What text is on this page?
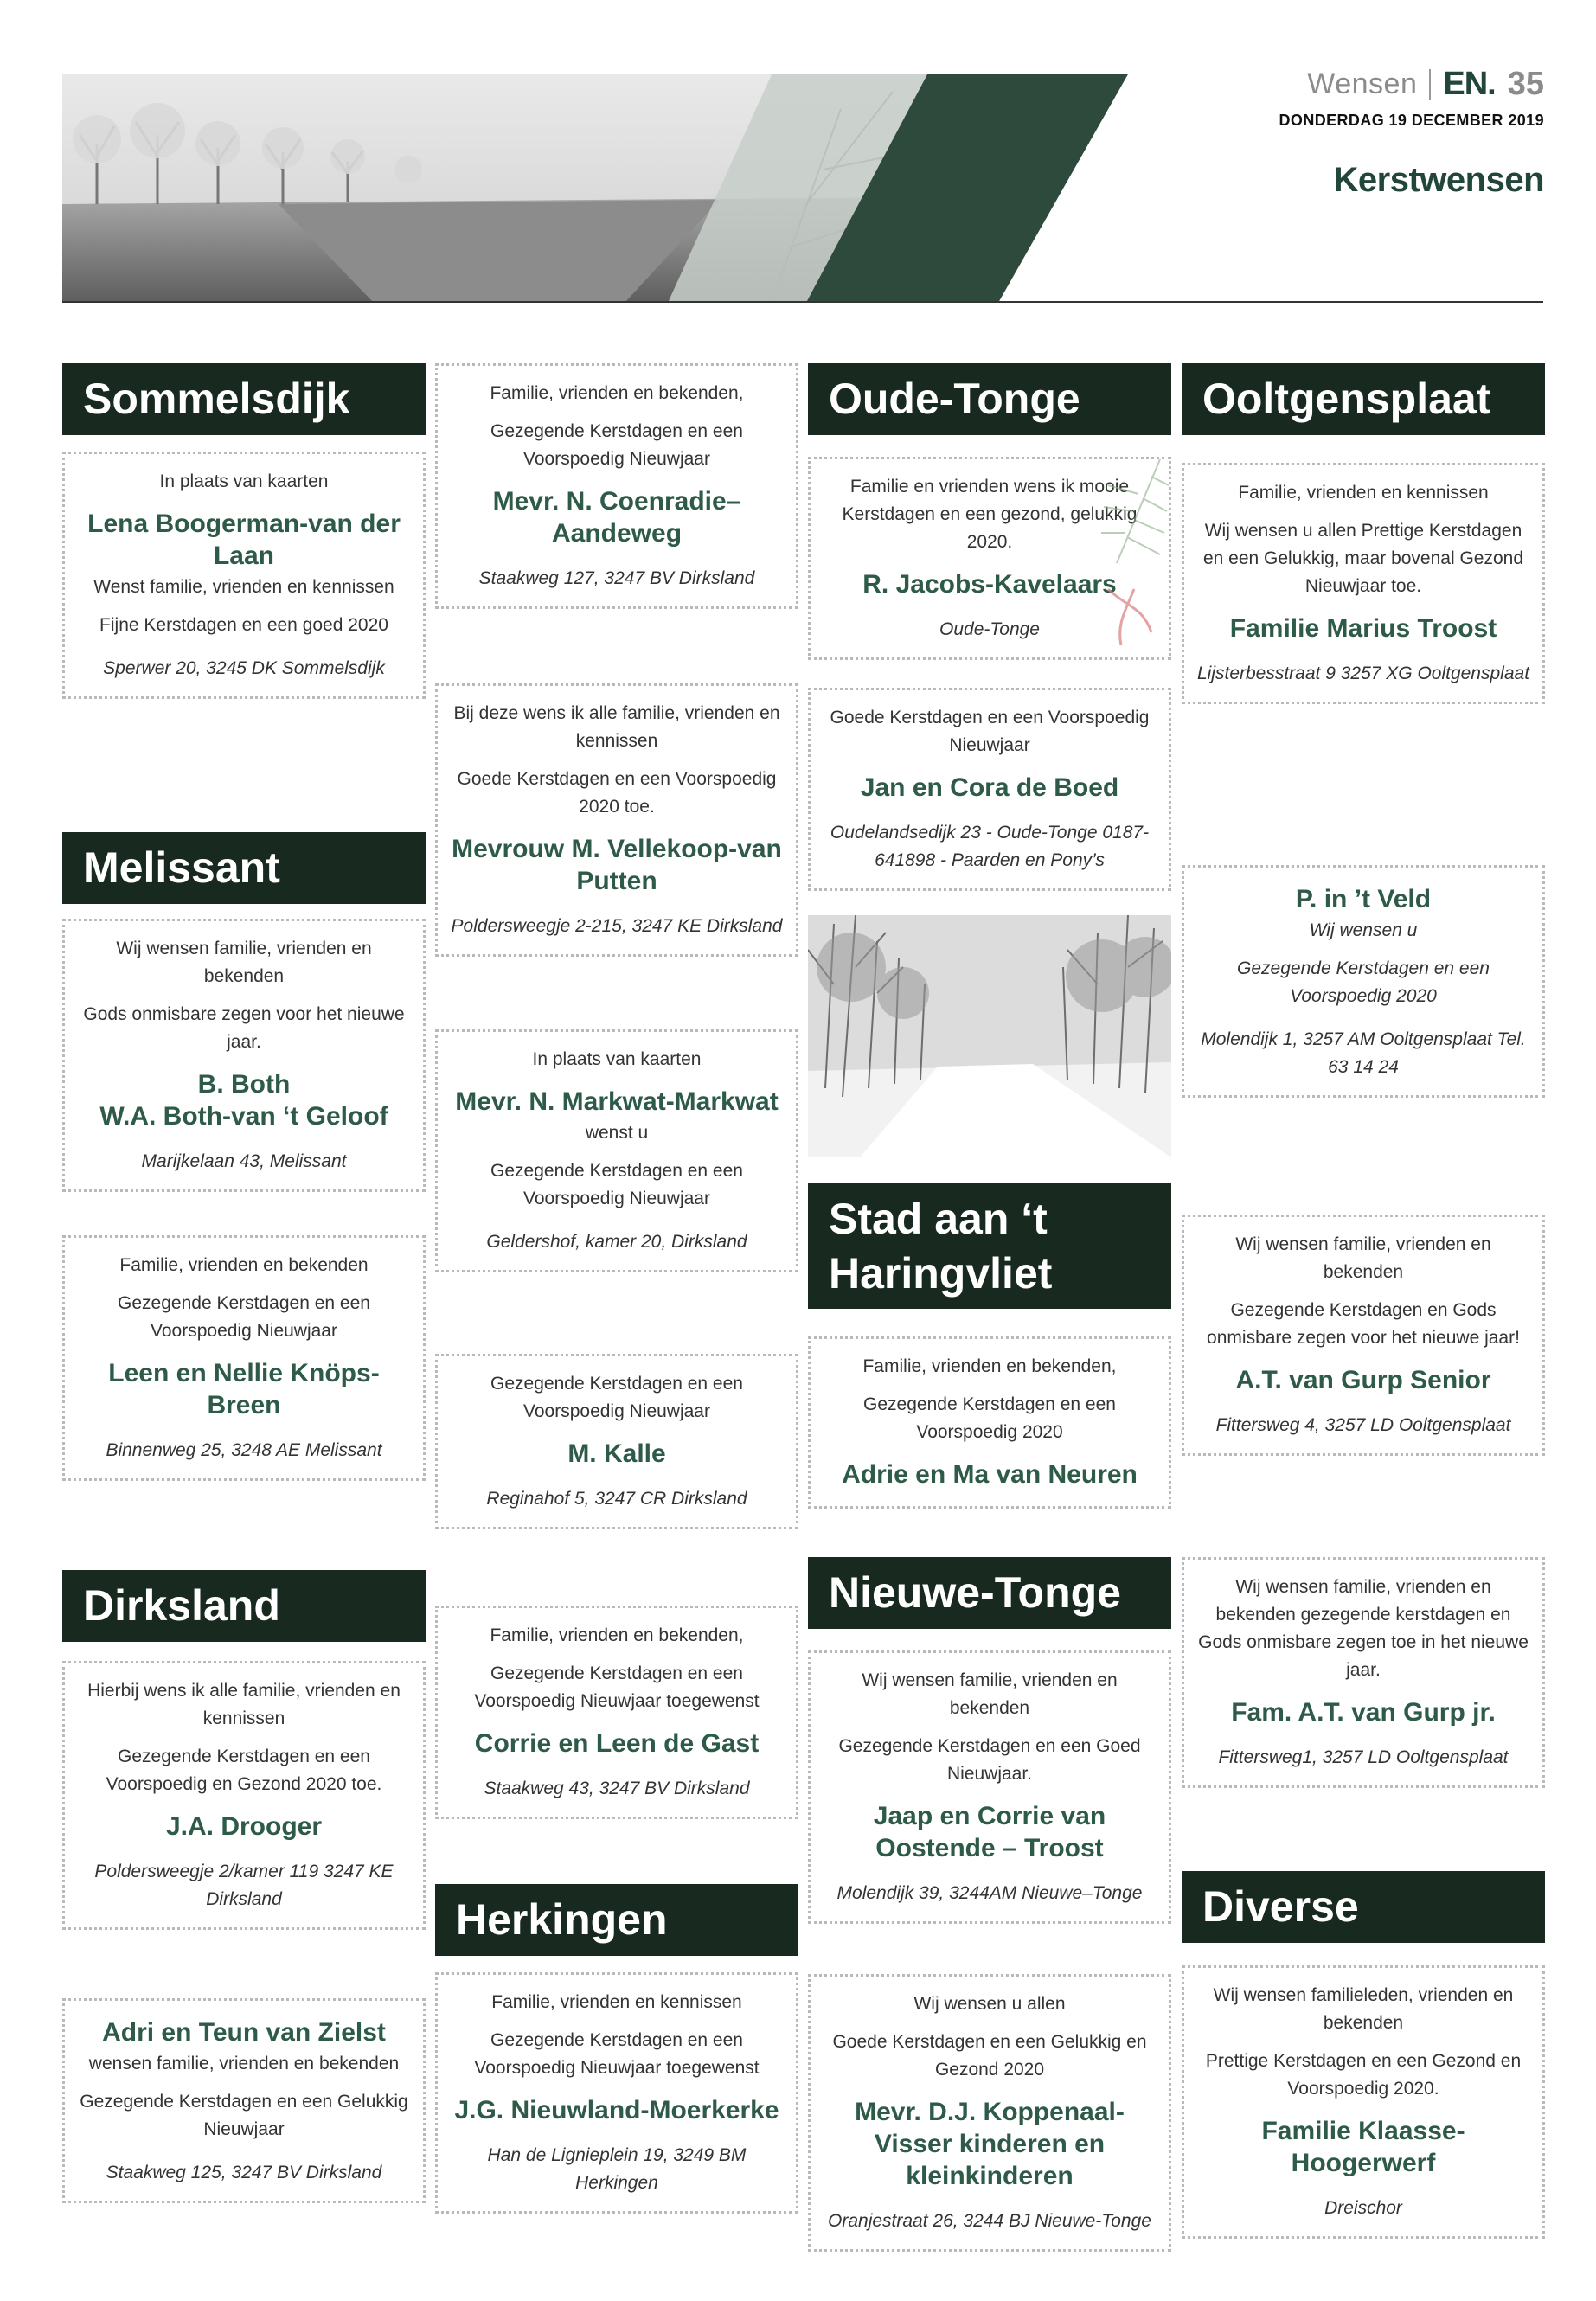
Wensen EN. 35
DONDERDAG 19 DECEMBER 2019
Kerstwensen
Sommelsdijk

In plaats van kaarten

Lena Boogerman-van der Laan

Wenst familie, vrienden en kennissen

Fijne Kerstdagen en een goed 2020

Sperwer 20, 3245 DK Sommelsdijk
Melissant

Wij wensen familie, vrienden en bekenden

Gods onmisbare zegen voor het nieuwe jaar.

B. Both
W.A. Both-van ‘t Geloof
Marijkelaan 43, Melissant

Familie, vrienden en bekenden

Gezegende Kerstdagen en een Voorspoedig Nieuwjaar

Leen en Nellie Knöps-Breen
Binnenweg 25, 3248 AE Melissant
Dirksland

Hierbij wens ik alle familie, vrienden en kennissen

Gezegende Kerstdagen en een Voorspoedig en Gezond 2020 toe.

J.A. Drooger
Poldersweegje 2/kamer 119 3247 KE Dirksland
Adri en Teun van Zielst

wensen familie, vrienden en bekenden

Gezegende Kerstdagen en een Gelukkig Nieuwjaar

Staakweg 125, 3247 BV Dirksland

Familie, vrienden en bekenden,

Gezegende Kerstdagen en een Voorspoedig Nieuwjaar

Mevr. N. Coenradie–Aandeweg
Staakweg 127, 3247 BV Dirksland

Bij deze wens ik alle familie, vrienden en kennissen

Goede Kerstdagen en een Voorspoedig 2020 toe.

Mevrouw M. Vellekoop-van Putten
Poldersweegje 2-215, 3247 KE Dirksland

In plaats van kaarten

Mevr. N. Markwat-Markwat

wenst u

Gezegende Kerstdagen en een Voorspoedig Nieuwjaar

Geldershof, kamer 20, Dirksland

Gezegende Kerstdagen en een Voorspoedig Nieuwjaar

M. Kalle
Reginahof 5, 3247 CR Dirksland

Familie, vrienden en bekenden,

Gezegende Kerstdagen en een Voorspoedig Nieuwjaar toegewenst

Corrie en Leen de Gast
Staakweg 43, 3247 BV Dirksland
Herkingen

Familie, vrienden en kennissen

Gezegende Kerstdagen en een Voorspoedig Nieuwjaar toegewenst

J.G. Nieuwland-Moerkerke
Han de Lignieplein 19, 3249 BM Herkingen
Oude-Tonge

Familie en vrienden wens ik mooie Kerstdagen en een gezond, gelukkig 2020.

R. Jacobs-Kavelaars
Oude-Tonge

Goede Kerstdagen en een Voorspoedig Nieuwjaar

Jan en Cora de Boed
Oudelandsedijk 23 - Oude-Tonge 0187-641898 - Paarden en Pony’s
Stad aan ‘t Haringvliet

Familie, vrienden en bekenden,

Gezegende Kerstdagen en een Voorspoedig 2020

Adrie en Ma van Neuren
Nieuwe-Tonge

Wij wensen familie, vrienden en bekenden

Gezegende Kerstdagen en een Goed Nieuwjaar.

Jaap en Corrie van Oostende – Troost
Molendijk 39, 3244AM Nieuwe–Tonge

Wij wensen u allen

Goede Kerstdagen en een Gelukkig en Gezond 2020

Mevr. D.J. Koppenaal-Visser kinderen en kleinkinderen
Oranjestraat 26, 3244 BJ Nieuwe-Tonge
Ooltgensplaat

Familie, vrienden en kennissen

Wij wensen u allen Prettige Kerstdagen en een Gelukkig, maar bovenal Gezond Nieuwjaar toe.

Familie Marius Troost
Lijsterbesstraat 9 3257 XG Ooltgensplaat
P. in ’t Veld

Wij wensen u

Gezegende Kerstdagen en een Voorspoedig 2020

Molendijk 1, 3257 AM Ooltgensplaat Tel. 63 14 24

Wij wensen familie, vrienden en bekenden

Gezegende Kerstdagen en Gods onmisbare zegen voor het nieuwe jaar!

A.T. van Gurp Senior
Fittersweg 4, 3257 LD Ooltgensplaat

Wij wensen familie, vrienden en bekenden gezegende kerstdagen en Gods onmisbare zegen toe in het nieuwe jaar.

Fam. A.T. van Gurp jr.
Fittersweg1, 3257 LD Ooltgensplaat
Diverse

Wij wensen familieleden, vrienden en bekenden

Prettige Kerstdagen en een Gezond en Voorspoedig 2020.

Familie Klaasse-Hoogerwerf
Dreischor
